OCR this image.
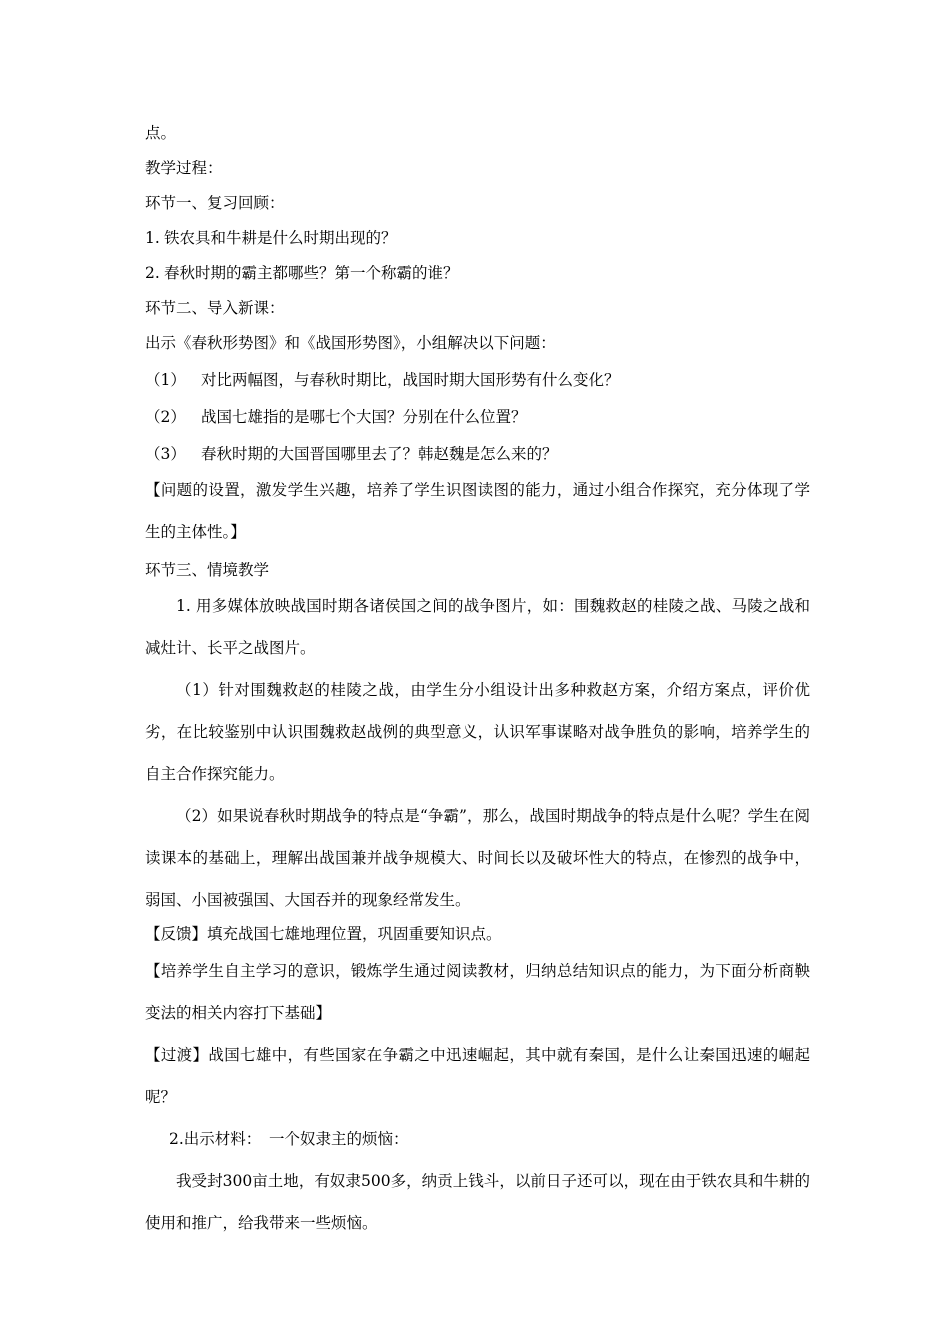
点。

教学过程：

环节一、复习回顾：

1. 铁农具和牛耕是什么时期出现的？
2. 春秋时期的霸主都哪些？第一个称霸的谁？

环节二、导入新课：

出示《春秋形势图》和《战国形势图》，小组解决以下问题：

（1） 对比两幅图，与春秋时期比，战国时期大国形势有什么变化？
（2） 战国七雄指的是哪七个大国？分别在什么位置？
（3） 春秋时期的大国晋国哪里去了？韩赵魏是怎么来的？

【问题的设置，激发学生兴趣，培养了学生识图读图的能力，通过小组合作探究，充分体现了学生的主体性。】

环节三、情境教学

1. 用多媒体放映战国时期各诸侯国之间的战争图片，如：围魏救赵的桂陵之战、马陵之战和减灶计、长平之战图片。

（1）针对围魏救赵的桂陵之战，由学生分小组设计出多种救赵方案，介绍方案点，评价优劣，在比较鉴别中认识围魏救赵战例的典型意义，认识军事谋略对战争胜负的影响，培养学生的自主合作探究能力。

（2）如果说春秋时期战争的特点是“争霸”，那么，战国时期战争的特点是什么呢？学生在阅读课本的基础上，理解出战国兼并战争规模大、时间长以及破坏性大的特点，在惨烈的战争中，弱国、小国被强国、大国吞并的现象经常发生。

【反馈】填充战国七雄地理位置，巩固重要知识点。

【培养学生自主学习的意识，锻炼学生通过阅读教材，归纳总结知识点的能力，为下面分析商鞅变法的相关内容打下基础】

【过渡】战国七雄中，有些国家在争霸之中迅速崛起，其中就有秦国，是什么让秦国迅速的崛起呢？

2.出示材料：　一个奴隶主的烦恼：

我受封300亩土地，有奴隶500多，纳贡上钱斗，以前日子还可以，现在由于铁农具和牛耕的使用和推广，给我带来一些烦恼。
